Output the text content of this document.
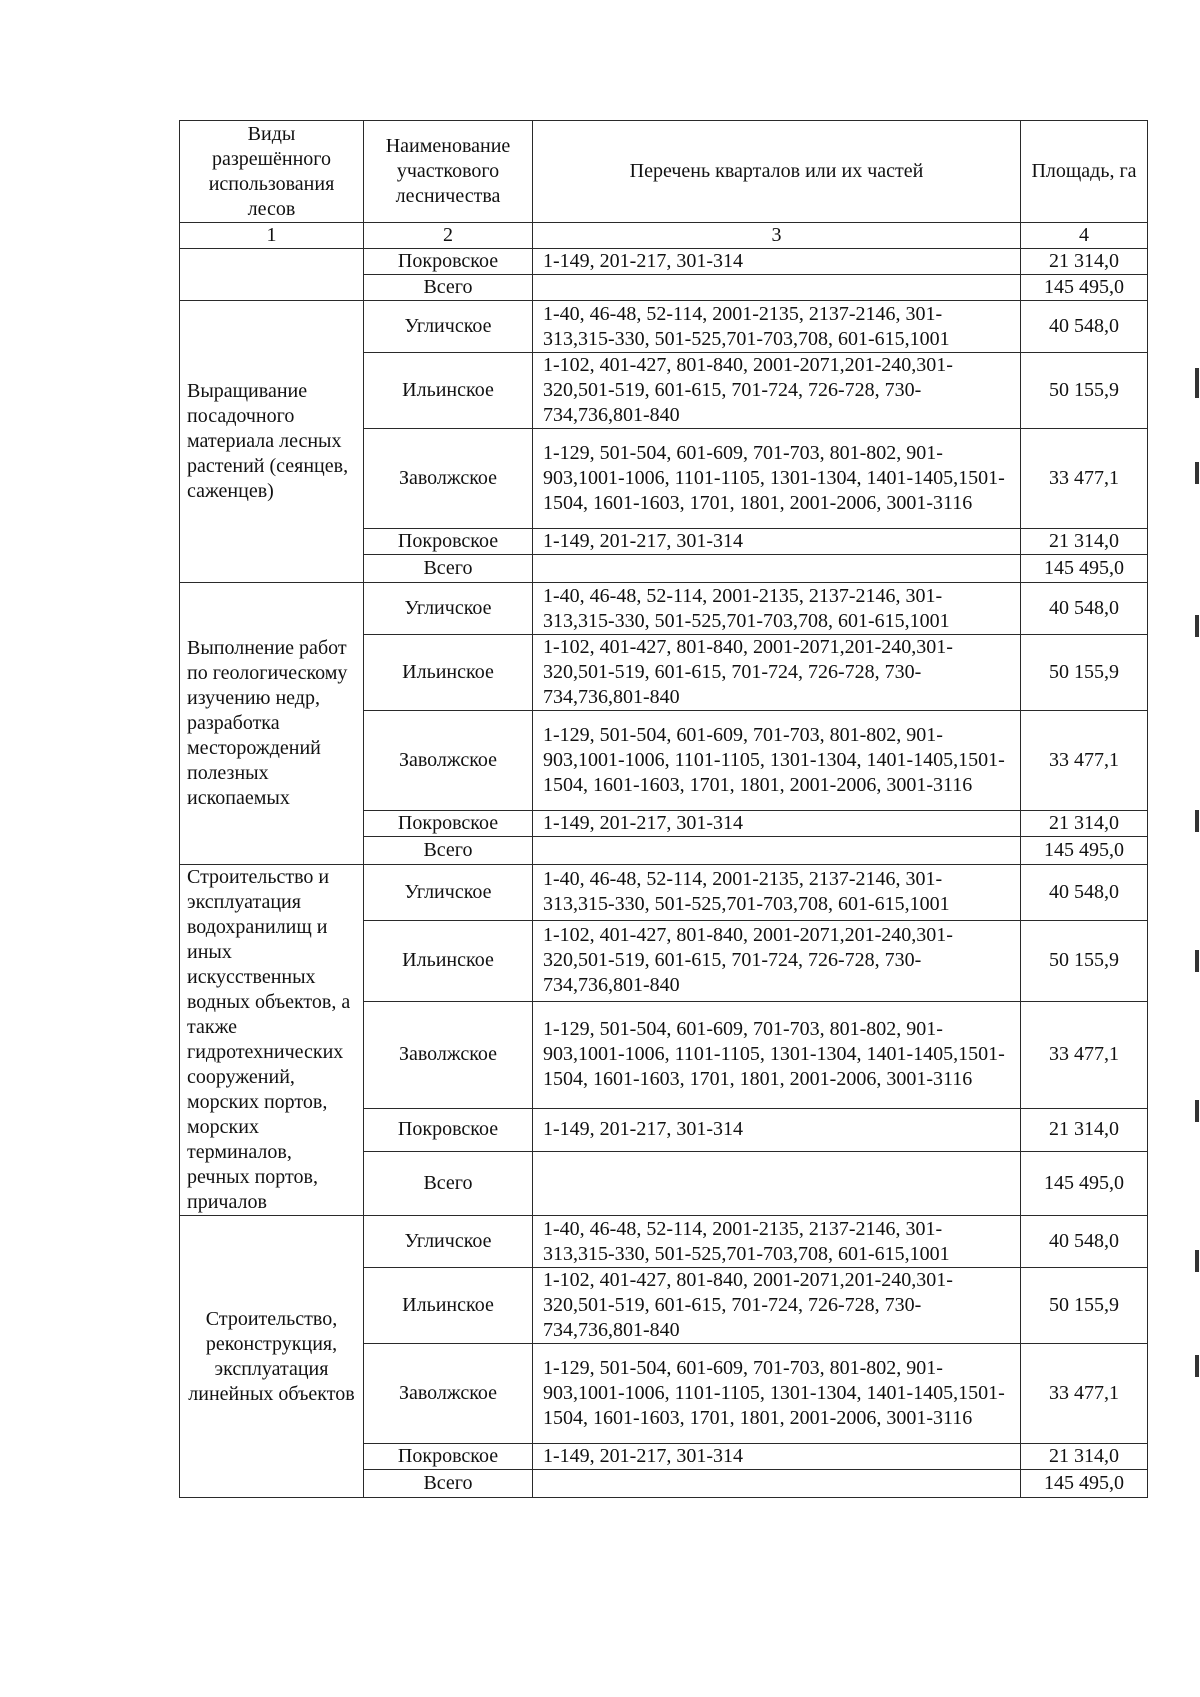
Виды разрешённого использования лесов	Наименование участкового лесничества	Перечень кварталов или их частей	Площадь, га
1	2	3	4
	Покровское	1-149, 201-217, 301-314	21 314,0
	Всего		145 495,0
Выращивание посадочного материала лесных растений (сеянцев, саженцев)	Угличское	1-40, 46-48, 52-114, 2001-2135, 2137-2146, 301-313,315-330, 501-525,701-703,708, 601-615,1001	40 548,0
	Ильинское	1-102, 401-427, 801-840, 2001-2071,201-240,301-320,501-519, 601-615, 701-724, 726-728, 730-734,736,801-840	50 155,9
	Заволжское	1-129, 501-504, 601-609, 701-703, 801-802, 901-903,1001-1006, 1101-1105, 1301-1304, 1401-1405,1501-1504, 1601-1603, 1701, 1801, 2001-2006, 3001-3116	33 477,1
	Покровское	1-149, 201-217, 301-314	21 314,0
	Всего		145 495,0
Выполнение работ по геологическому изучению недр, разработка месторождений полезных ископаемых	Угличское	1-40, 46-48, 52-114, 2001-2135, 2137-2146, 301-313,315-330, 501-525,701-703,708, 601-615,1001	40 548,0
	Ильинское	1-102, 401-427, 801-840, 2001-2071,201-240,301-320,501-519, 601-615, 701-724, 726-728, 730-734,736,801-840	50 155,9
	Заволжское	1-129, 501-504, 601-609, 701-703, 801-802, 901-903,1001-1006, 1101-1105, 1301-1304, 1401-1405,1501-1504, 1601-1603, 1701, 1801, 2001-2006, 3001-3116	33 477,1
	Покровское	1-149, 201-217, 301-314	21 314,0
	Всего		145 495,0
Строительство и эксплуатация водохранилищ и иных искусственных водных объектов, а также гидротехнических сооружений, морских портов, морских терминалов, речных портов, причалов	Угличское	1-40, 46-48, 52-114, 2001-2135, 2137-2146, 301-313,315-330, 501-525,701-703,708, 601-615,1001	40 548,0
	Ильинское	1-102, 401-427, 801-840, 2001-2071,201-240,301-320,501-519, 601-615, 701-724, 726-728, 730-734,736,801-840	50 155,9
	Заволжское	1-129, 501-504, 601-609, 701-703, 801-802, 901-903,1001-1006, 1101-1105, 1301-1304, 1401-1405,1501-1504, 1601-1603, 1701, 1801, 2001-2006, 3001-3116	33 477,1
	Покровское	1-149, 201-217, 301-314	21 314,0
	Всего		145 495,0
Строительство, реконструкция, эксплуатация линейных объектов	Угличское	1-40, 46-48, 52-114, 2001-2135, 2137-2146, 301-313,315-330, 501-525,701-703,708, 601-615,1001	40 548,0
	Ильинское	1-102, 401-427, 801-840, 2001-2071,201-240,301-320,501-519, 601-615, 701-724, 726-728, 730-734,736,801-840	50 155,9
	Заволжское	1-129, 501-504, 601-609, 701-703, 801-802, 901-903,1001-1006, 1101-1105, 1301-1304, 1401-1405,1501-1504, 1601-1603, 1701, 1801, 2001-2006, 3001-3116	33 477,1
	Покровское	1-149, 201-217, 301-314	21 314,0
	Всего		145 495,0
